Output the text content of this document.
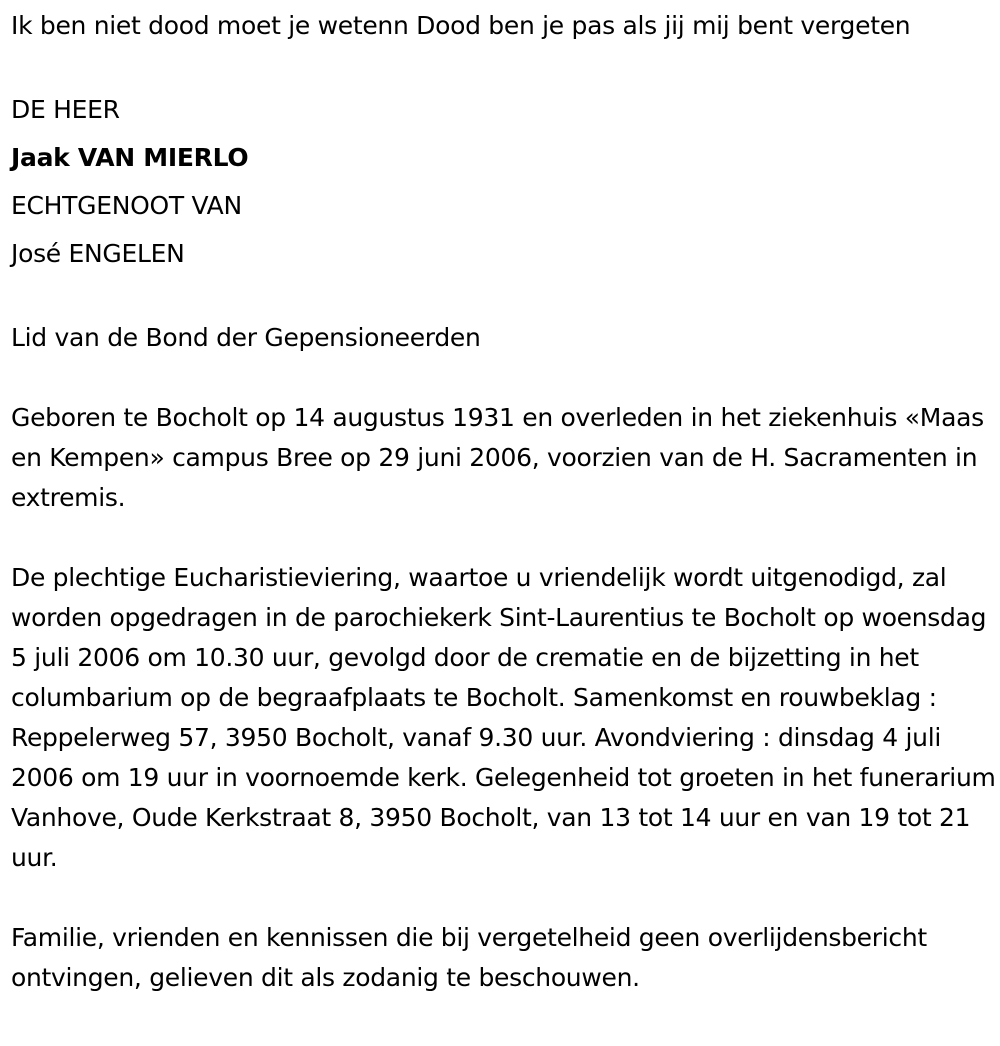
Ik ben niet dood moet je wetenn Dood ben je pas als jij mij bent vergeten

DE HEER

Jaak VAN MIERLO

ECHTGENOOT VAN

José ENGELEN

Lid van de Bond der Gepensioneerden

Geboren te Bocholt op 14 augustus 1931 en overleden in het ziekenhuis «Maas en Kempen» campus Bree op 29 juni 2006, voorzien van de H. Sacramenten in extremis.

De plechtige Eucharistieviering, waartoe u vriendelijk wordt uitgenodigd, zal worden opgedragen in de parochiekerk Sint-Laurentius te Bocholt op woensdag 5 juli 2006 om 10.30 uur, gevolgd door de crematie en de bijzetting in het columbarium op de begraafplaats te Bocholt. Samenkomst en rouwbeklag : Reppelerweg 57, 3950 Bocholt, vanaf 9.30 uur. Avondviering : dinsdag 4 juli 2006 om 19 uur in voornoemde kerk. Gelegenheid tot groeten in het funerarium Vanhove, Oude Kerkstraat 8, 3950 Bocholt, van 13 tot 14 uur en van 19 tot 21 uur.

Familie, vrienden en kennissen die bij vergetelheid geen overlijdensbericht ontvingen, gelieven dit als zodanig te beschouwen.
